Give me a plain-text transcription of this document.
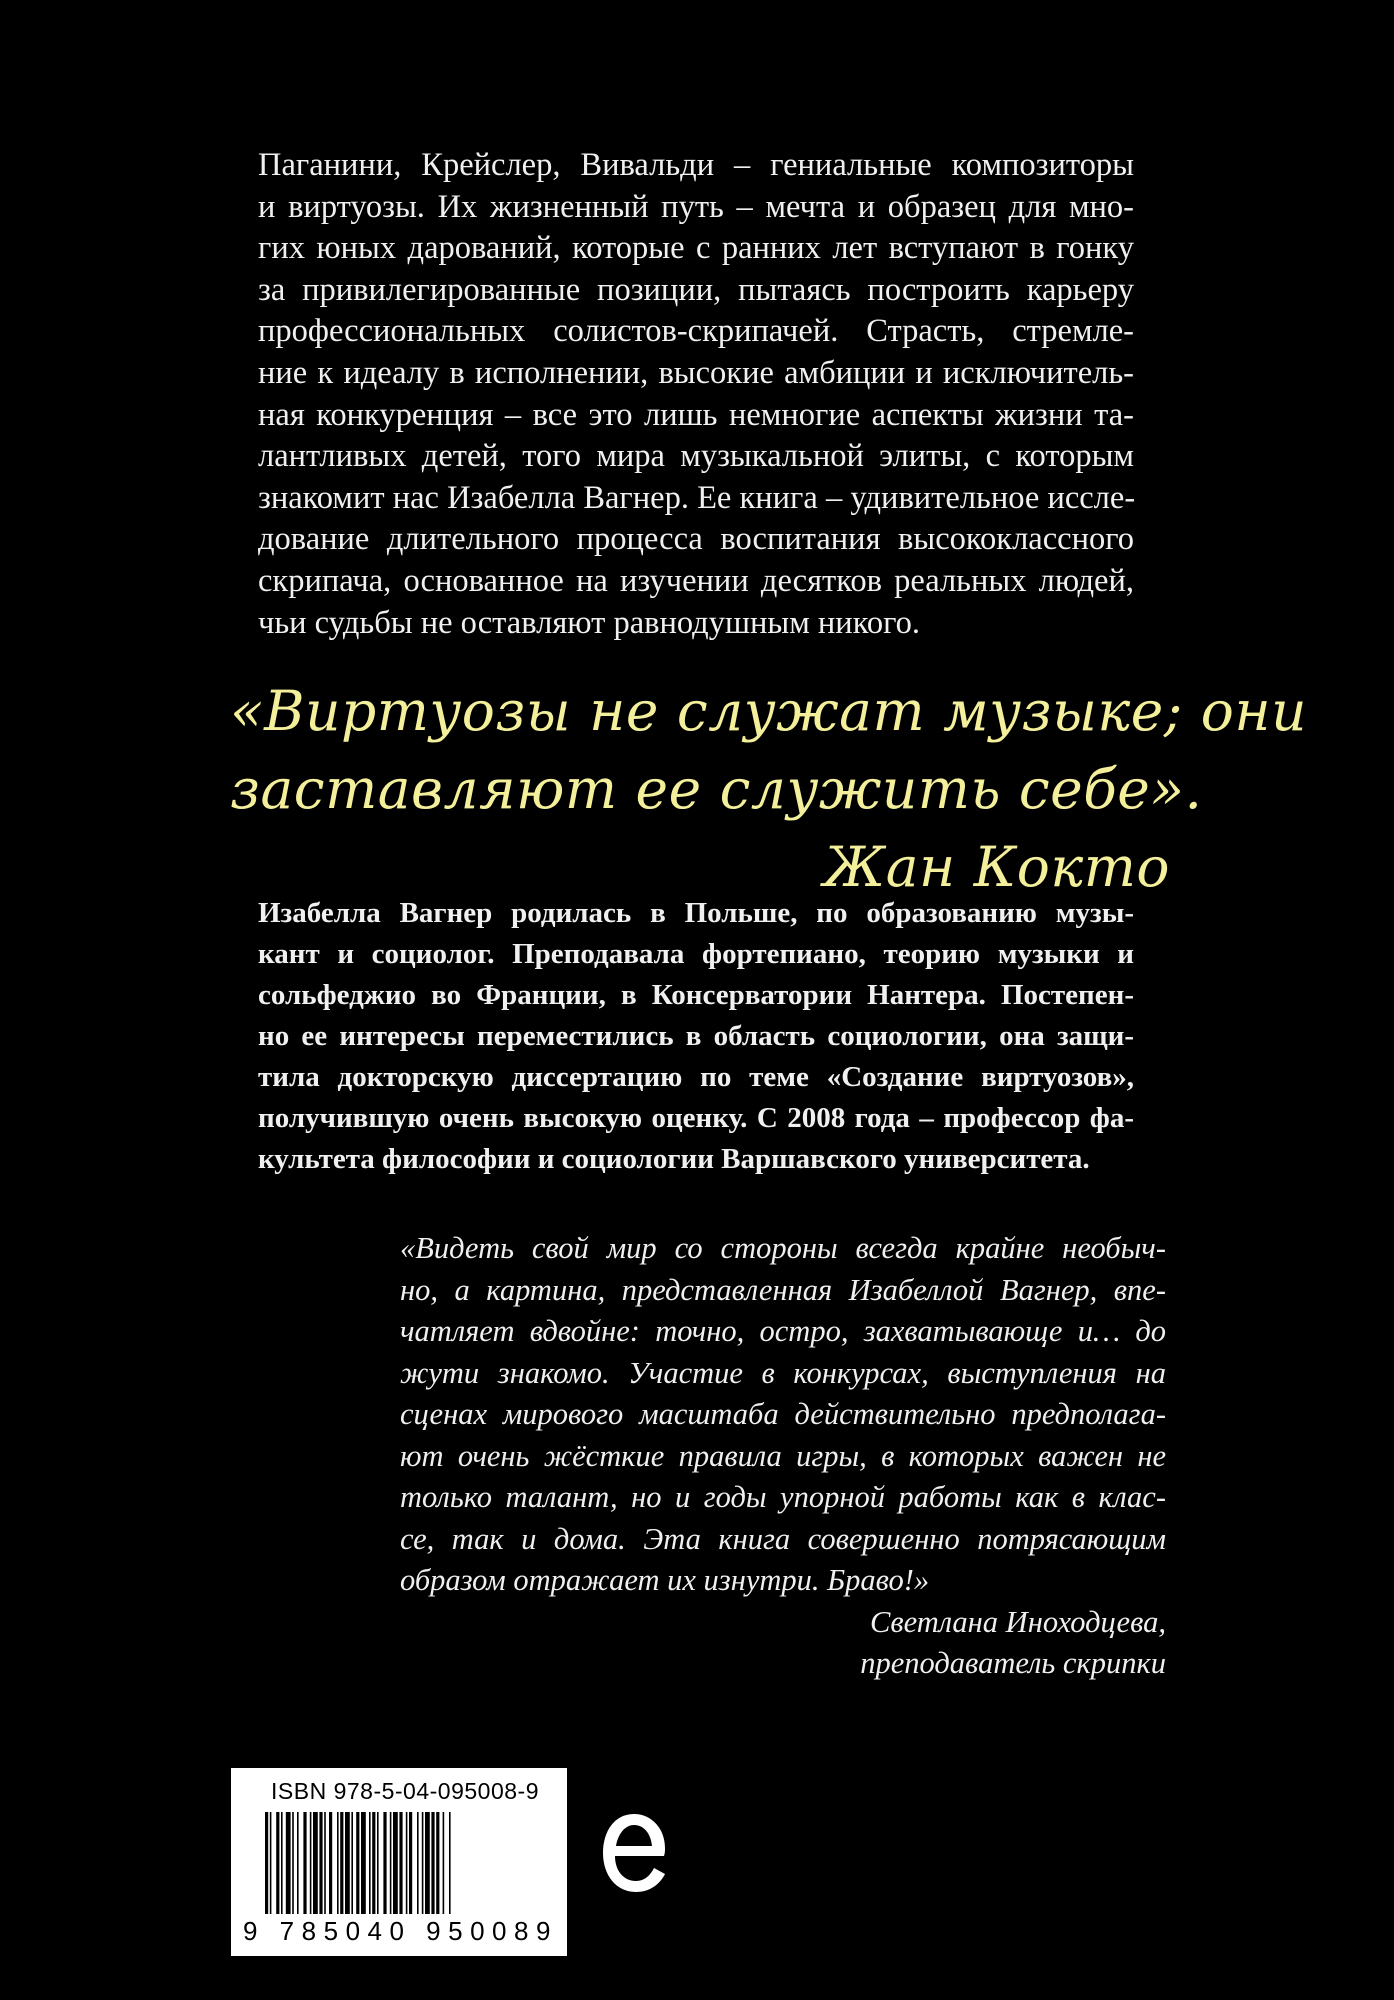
Паганини, Крейслер, Вивальди – гениальные композиторы
и виртуозы. Их жизненный путь – мечта и образец для мно-
гих юных дарований, которые с ранних лет вступают в гонку
за привилегированные позиции, пытаясь построить карьеру
профессиональных солистов-скрипачей. Страсть, стремле-
ние к идеалу в исполнении, высокие амбиции и исключитель-
ная конкуренция – все это лишь немногие аспекты жизни та-
лантливых детей, того мира музыкальной элиты, с которым
знакомит нас Изабелла Вагнер. Ее книга – удивительное иссле-
дование длительного процесса воспитания высококлассного
скрипача, основанное на изучении десятков реальных людей,
чьи судьбы не оставляют равнодушным никого.
«Виртуозы не служат музыке; они
заставляют ее служить себе».
Жан Кокто
Изабелла Вагнер родилась в Польше, по образованию музы-
кант и социолог. Преподавала фортепиано, теорию музыки и
сольфеджио во Франции, в Консерватории Нантера. Постепен-
но ее интересы переместились в область социологии, она защи-
тила докторскую диссертацию по теме «Создание виртуозов»,
получившую очень высокую оценку. С 2008 года – профессор фа-
культета философии и социологии Варшавского университета.
«Видеть свой мир со стороны всегда крайне необыч-
но, а картина, представленная Изабеллой Вагнер, впе-
чатляет вдвойне: точно, остро, захватывающе и… до
жути знакомо. Участие в конкурсах, выступления на
сценах мирового масштаба действительно предполага-
ют очень жёсткие правила игры, в которых важен не
только талант, но и годы упорной работы как в клас-
се, так и дома. Эта книга совершенно потрясающим
образом отражает их изнутри. Браво!»
Светлана Иноходцева,
преподаватель скрипки
ISBN 978-5-04-095008-9
9 785040 950089 >
